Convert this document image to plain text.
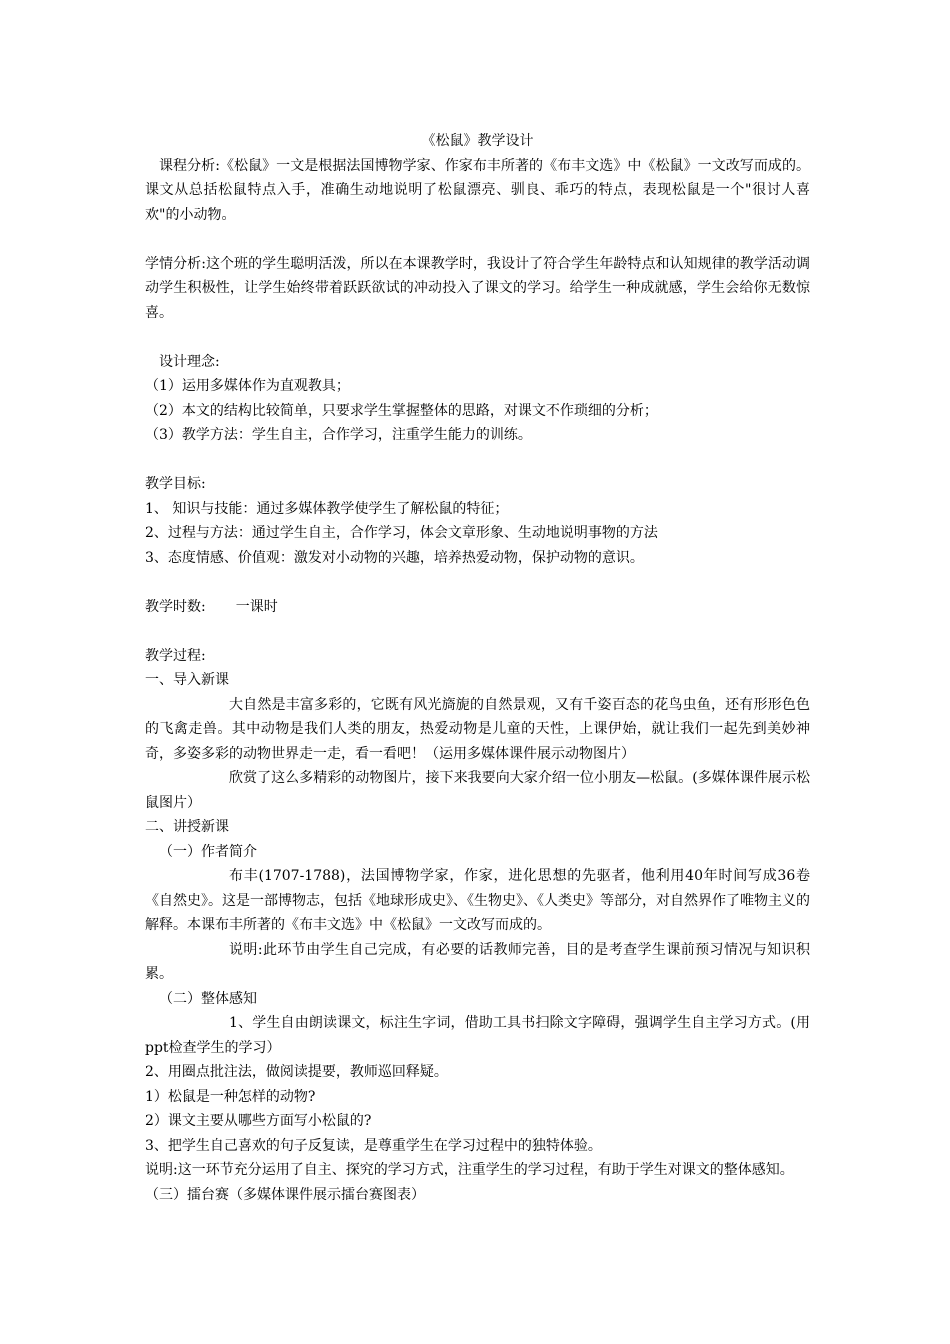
《松鼠》教学设计

课程分析:《松鼠》一文是根据法国博物学家、作家布丰所著的《布丰文选》中《松鼠》一文改写而成的。课文从总括松鼠特点入手，准确生动地说明了松鼠漂亮、驯良、乖巧的特点，表现松鼠是一个"很讨人喜欢"的小动物。

学情分析:这个班的学生聪明活泼，所以在本课教学时，我设计了符合学生年龄特点和认知规律的教学活动调动学生积极性，让学生始终带着跃跃欲试的冲动投入了课文的学习。给学生一种成就感，学生会给你无数惊喜。

设计理念:

（1）运用多媒体作为直观教具；

（2）本文的结构比较简单，只要求学生掌握整体的思路，对课文不作琐细的分析；

（3）教学方法：学生自主，合作学习，注重学生能力的训练。

教学目标:

1、 知识与技能：通过多媒体教学使学生了解松鼠的特征；

2、过程与方法：通过学生自主，合作学习，体会文章形象、生动地说明事物的方法

3、态度情感、价值观：激发对小动物的兴趣，培养热爱动物，保护动物的意识。

教学时数: 一课时

教学过程:

一、导入新课

大自然是丰富多彩的，它既有风光旖旎的自然景观，又有千姿百态的花鸟虫鱼，还有形形色色的飞禽走兽。其中动物是我们人类的朋友，热爱动物是儿童的天性，上课伊始，就让我们一起先到美妙神奇，多姿多彩的动物世界走一走，看一看吧！（运用多媒体课件展示动物图片）

欣赏了这么多精彩的动物图片，接下来我要向大家介绍一位小朋友—松鼠。(多媒体课件展示松鼠图片）

二、讲授新课

（一）作者简介

布丰(1707-1788)，法国博物学家，作家，进化思想的先驱者，他利用40年时间写成36卷《自然史》。这是一部博物志，包括《地球形成史》、《生物史》、《人类史》等部分，对自然界作了唯物主义的解释。本课布丰所著的《布丰文选》中《松鼠》一文改写而成的。

说明:此环节由学生自己完成，有必要的话教师完善，目的是考查学生课前预习情况与知识积累。

（二）整体感知

1、学生自由朗读课文，标注生字词，借助工具书扫除文字障碍，强调学生自主学习方式。(用ppt检查学生的学习）

2、用圈点批注法，做阅读提要，教师巡回释疑。

1）松鼠是一种怎样的动物?

2）课文主要从哪些方面写小松鼠的?

3、把学生自己喜欢的句子反复读，是尊重学生在学习过程中的独特体验。

说明:这一环节充分运用了自主、探究的学习方式，注重学生的学习过程，有助于学生对课文的整体感知。

（三）擂台赛（多媒体课件展示擂台赛图表）
